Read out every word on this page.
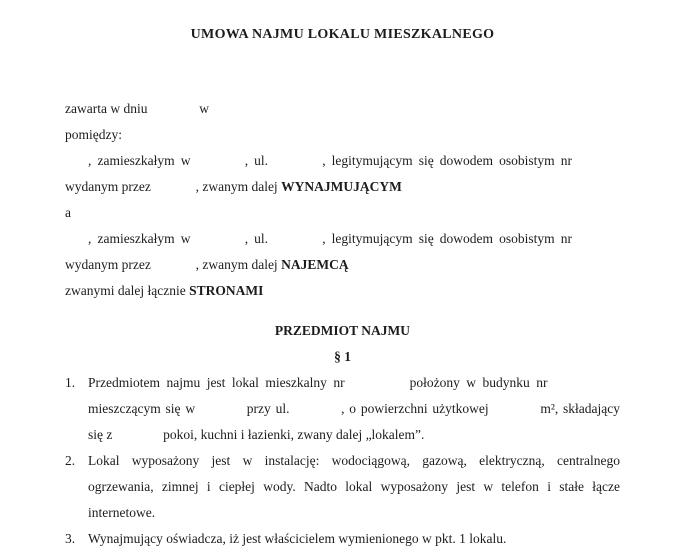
UMOWA NAJMU LOKALU MIESZKALNEGO
zawarta w dniu	w
pomiędzy:
, zamieszkałym w	, ul.	, legitymującym się dowodem osobistym nr
wydanym przez	, zwanym dalej WYNAJMUJĄCYM
a
, zamieszkałym w	, ul.	, legitymującym się dowodem osobistym nr
wydanym przez	, zwanym dalej NAJEMCĄ
zwanymi dalej łącznie STRONAMI
PRZEDMIOT NAJMU
§ 1
1. Przedmiotem najmu jest lokal mieszkalny nr	położony w budynku nr
mieszczącym się w	przy ul.	, o powierzchni użytkowej	m², składający
się z	pokoi, kuchni i łazienki, zwany dalej „lokalem”.
2. Lokal wyposażony jest w instalację: wodociągową, gazową, elektryczną, centralnego
ogrzewania, zimnej i ciepłej wody. Nadto lokal wyposażony jest w telefon i stałe łącze
internetowe.
3. Wynajmujący oświadcza, iż jest właścicielem wymienionego w pkt. 1 lokalu.
